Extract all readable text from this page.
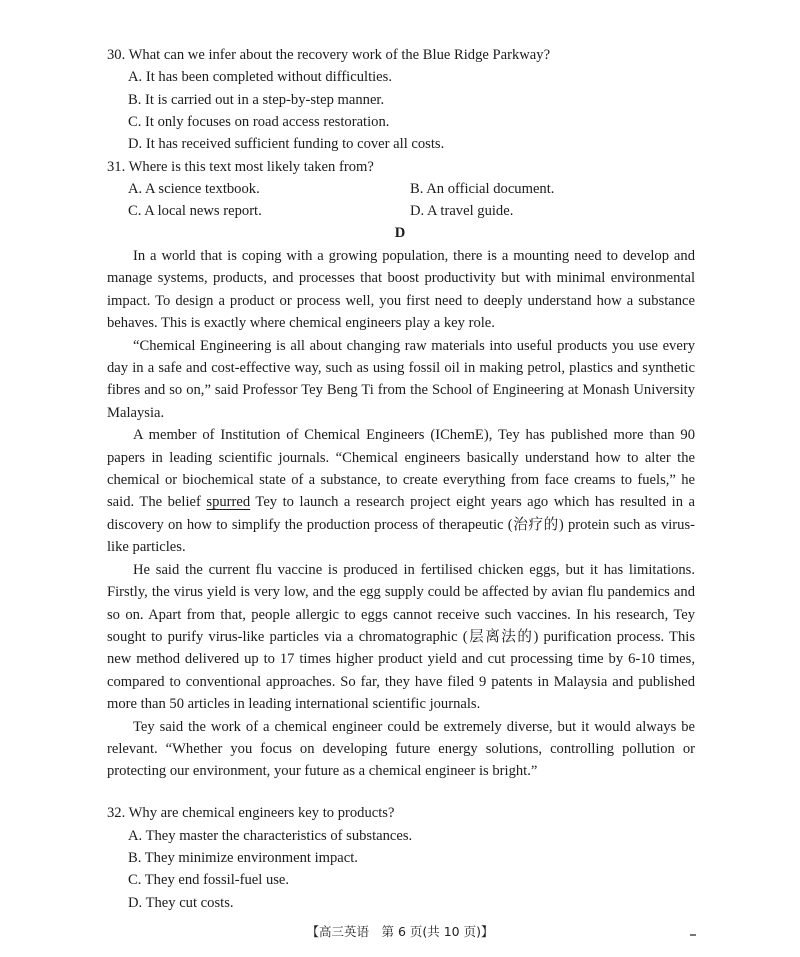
30. What can we infer about the recovery work of the Blue Ridge Parkway?
A. It has been completed without difficulties.
B. It is carried out in a step-by-step manner.
C. It only focuses on road access restoration.
D. It has received sufficient funding to cover all costs.
31. Where is this text most likely taken from?
A. A science textbook.	B. An official document.
C. A local news report.	D. A travel guide.
D

In a world that is coping with a growing population, there is a mounting need to develop and manage systems, products, and processes that boost productivity but with minimal environmental impact. To design a product or process well, you first need to deeply understand how a substance behaves. This is exactly where chemical engineers play a key role.

“Chemical Engineering is all about changing raw materials into useful products you use every day in a safe and cost-effective way, such as using fossil oil in making petrol, plastics and synthetic fibres and so on,” said Professor Tey Beng Ti from the School of Engineering at Monash University Malaysia.

A member of Institution of Chemical Engineers (IChemE), Tey has published more than 90 papers in leading scientific journals. “Chemical engineers basically understand how to alter the chemical or biochemical state of a substance, to create everything from face creams to fuels,” he said. The belief spurred Tey to launch a research project eight years ago which has resulted in a discovery on how to simplify the production process of therapeutic (治疗的) protein such as virus-like particles.

He said the current flu vaccine is produced in fertilised chicken eggs, but it has limitations. Firstly, the virus yield is very low, and the egg supply could be affected by avian flu pandemics and so on. Apart from that, people allergic to eggs cannot receive such vaccines. In his research, Tey sought to purify virus-like particles via a chromatographic (层离法的) purification process. This new method delivered up to 17 times higher product yield and cut processing time by 6-10 times, compared to conventional approaches. So far, they have filed 9 patents in Malaysia and published more than 50 articles in leading international scientific journals.

Tey said the work of a chemical engineer could be extremely diverse, but it would always be relevant. “Whether you focus on developing future energy solutions, controlling pollution or protecting our environment, your future as a chemical engineer is bright.”

32. Why are chemical engineers key to products?
A. They master the characteristics of substances.
B. They minimize environment impact.
C. They end fossil-fuel use.
D. They cut costs.
【高三英语　第 6 页(共 10 页)】
